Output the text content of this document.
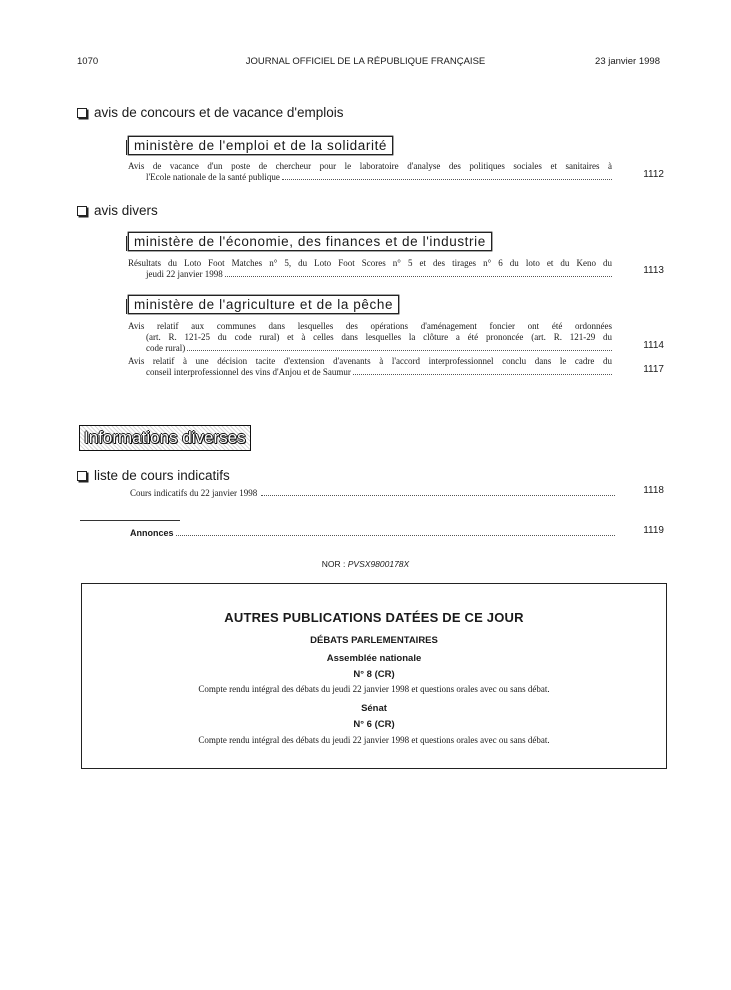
1070	JOURNAL OFFICIEL DE LA RÉPUBLIQUE FRANÇAISE	23 janvier 1998
avis de concours et de vacance d'emplois
ministère de l'emploi et de la solidarité
Avis de vacance d'un poste de chercheur pour le laboratoire d'analyse des politiques sociales et sanitaires à
l'Ecole nationale de la santé publique	1112
avis divers
ministère de l'économie, des finances et de l'industrie
Résultats du Loto Foot Matches n° 5, du Loto Foot Scores n° 5 et des tirages n° 6 du loto et du Keno du
jeudi 22 janvier 1998	1113
ministère de l'agriculture et de la pêche
Avis relatif aux communes dans lesquelles des opérations d'aménagement foncier ont été ordonnées
(art. R. 121-25 du code rural) et à celles dans lesquelles la clôture a été prononcée (art. R. 121-29 du
code rural)	1114
Avis relatif à une décision tacite d'extension d'avenants à l'accord interprofessionnel conclu dans le cadre du
conseil interprofessionnel des vins d'Anjou et de Saumur	1117
Informations diverses
liste de cours indicatifs
Cours indicatifs du 22 janvier 1998	1118
Annonces	1119
NOR : PVSX9800178X
AUTRES PUBLICATIONS DATÉES DE CE JOUR
DÉBATS PARLEMENTAIRES
Assemblée nationale
N° 8 (CR)
Compte rendu intégral des débats du jeudi 22 janvier 1998 et questions orales avec ou sans débat.
Sénat
N° 6 (CR)
Compte rendu intégral des débats du jeudi 22 janvier 1998 et questions orales avec ou sans débat.
